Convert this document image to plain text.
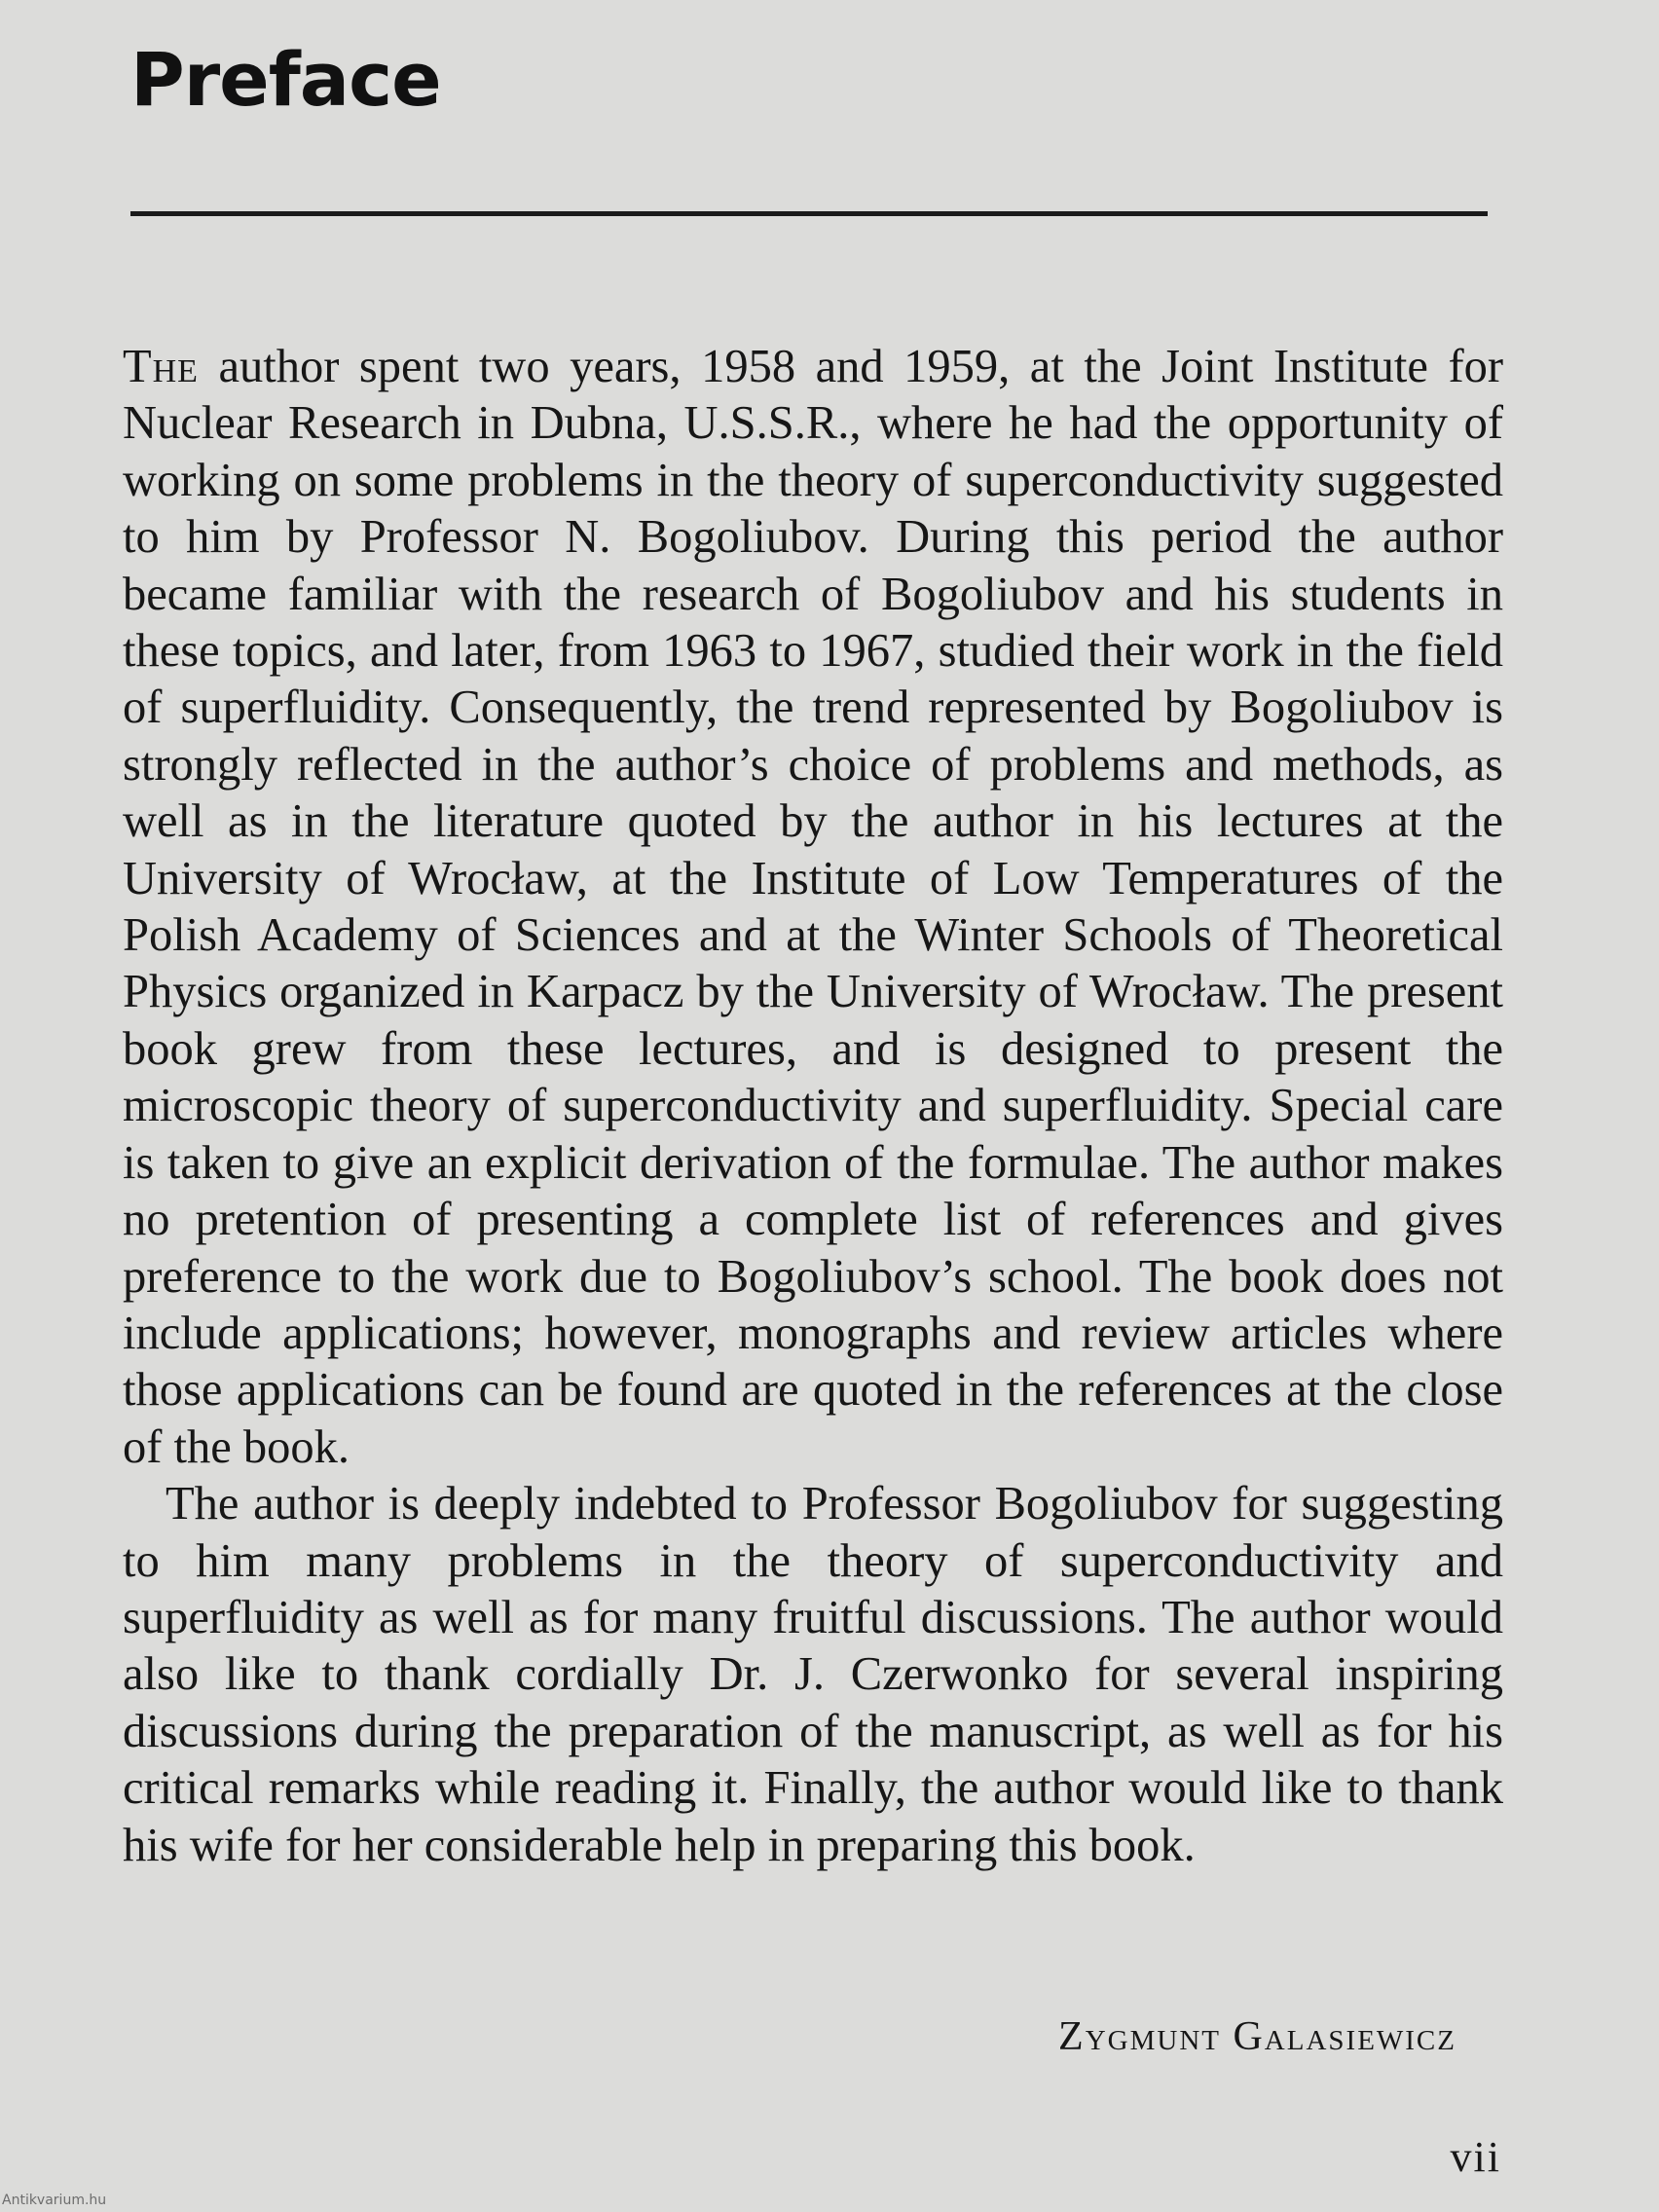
Preface

The author spent two years, 1958 and 1959, at the Joint Institute for Nuclear Research in Dubna, U.S.S.R., where he had the opportunity of working on some problems in the theory of superconductivity suggested to him by Professor N. Bogoliubov. During this period the author became familiar with the research of Bogoliubov and his students in these topics, and later, from 1963 to 1967, studied their work in the field of superfluidity. Consequently, the trend represented by Bogoliubov is strongly reflected in the author’s choice of problems and methods, as well as in the literature quoted by the author in his lectures at the University of Wrocław, at the Institute of Low Temperatures of the Polish Academy of Sciences and at the Winter Schools of Theoretical Physics organized in Karpacz by the University of Wrocław. The present book grew from these lectures, and is designed to present the microscopic theory of superconductivity and superfluidity. Special care is taken to give an explicit derivation of the formulae. The author makes no pretention of presenting a complete list of references and gives preference to the work due to Bogoliubov’s school. The book does not include applications; however, monographs and review articles where those applications can be found are quoted in the references at the close of the book.

The author is deeply indebted to Professor Bogoliubov for suggesting to him many problems in the theory of superconductivity and superfluidity as well as for many fruitful discussions. The author would also like to thank cordially Dr. J. Czerwonko for several inspiring discussions during the preparation of the manuscript, as well as for his critical remarks while reading it. Finally, the author would like to thank his wife for her considerable help in preparing this book.

Zygmunt Galasiewicz

vii

Antikvarium.hu
